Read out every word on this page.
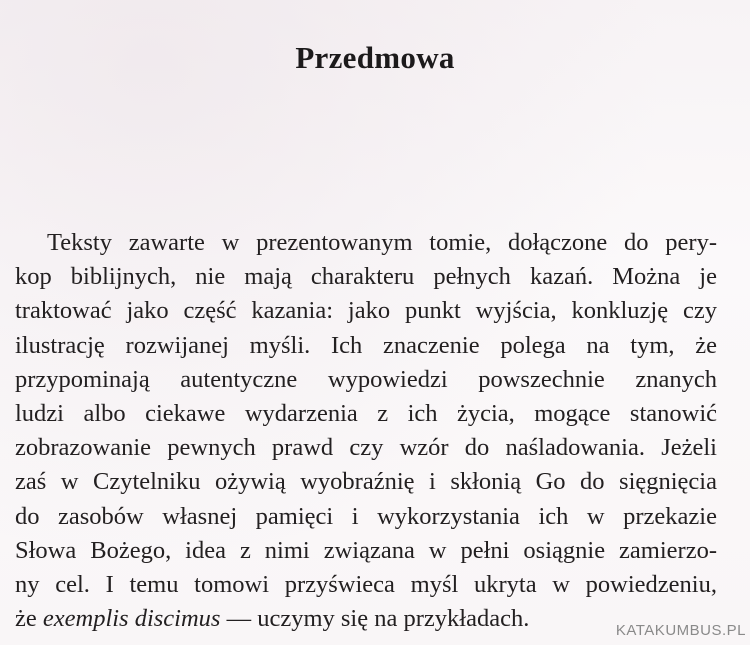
Przedmowa

Teksty zawarte w prezentowanym tomie, dołączone do pery-
kop biblijnych, nie mają charakteru pełnych kazań. Można je
traktować jako część kazania: jako punkt wyjścia, konkluzję czy
ilustrację rozwijanej myśli. Ich znaczenie polega na tym, że
przypominają autentyczne wypowiedzi powszechnie znanych
ludzi albo ciekawe wydarzenia z ich życia, mogące stanowić
zobrazowanie pewnych prawd czy wzór do naśladowania. Jeżeli
zaś w Czytelniku ożywią wyobraźnię i skłonią Go do sięgnięcia
do zasobów własnej pamięci i wykorzystania ich w przekazie
Słowa Bożego, idea z nimi związana w pełni osiągnie zamierzo-
ny cel. I temu tomowi przyświeca myśl ukryta w powiedzeniu,
że exemplis discimus — uczymy się na przykładach.	KATAKUMBUS.PL
